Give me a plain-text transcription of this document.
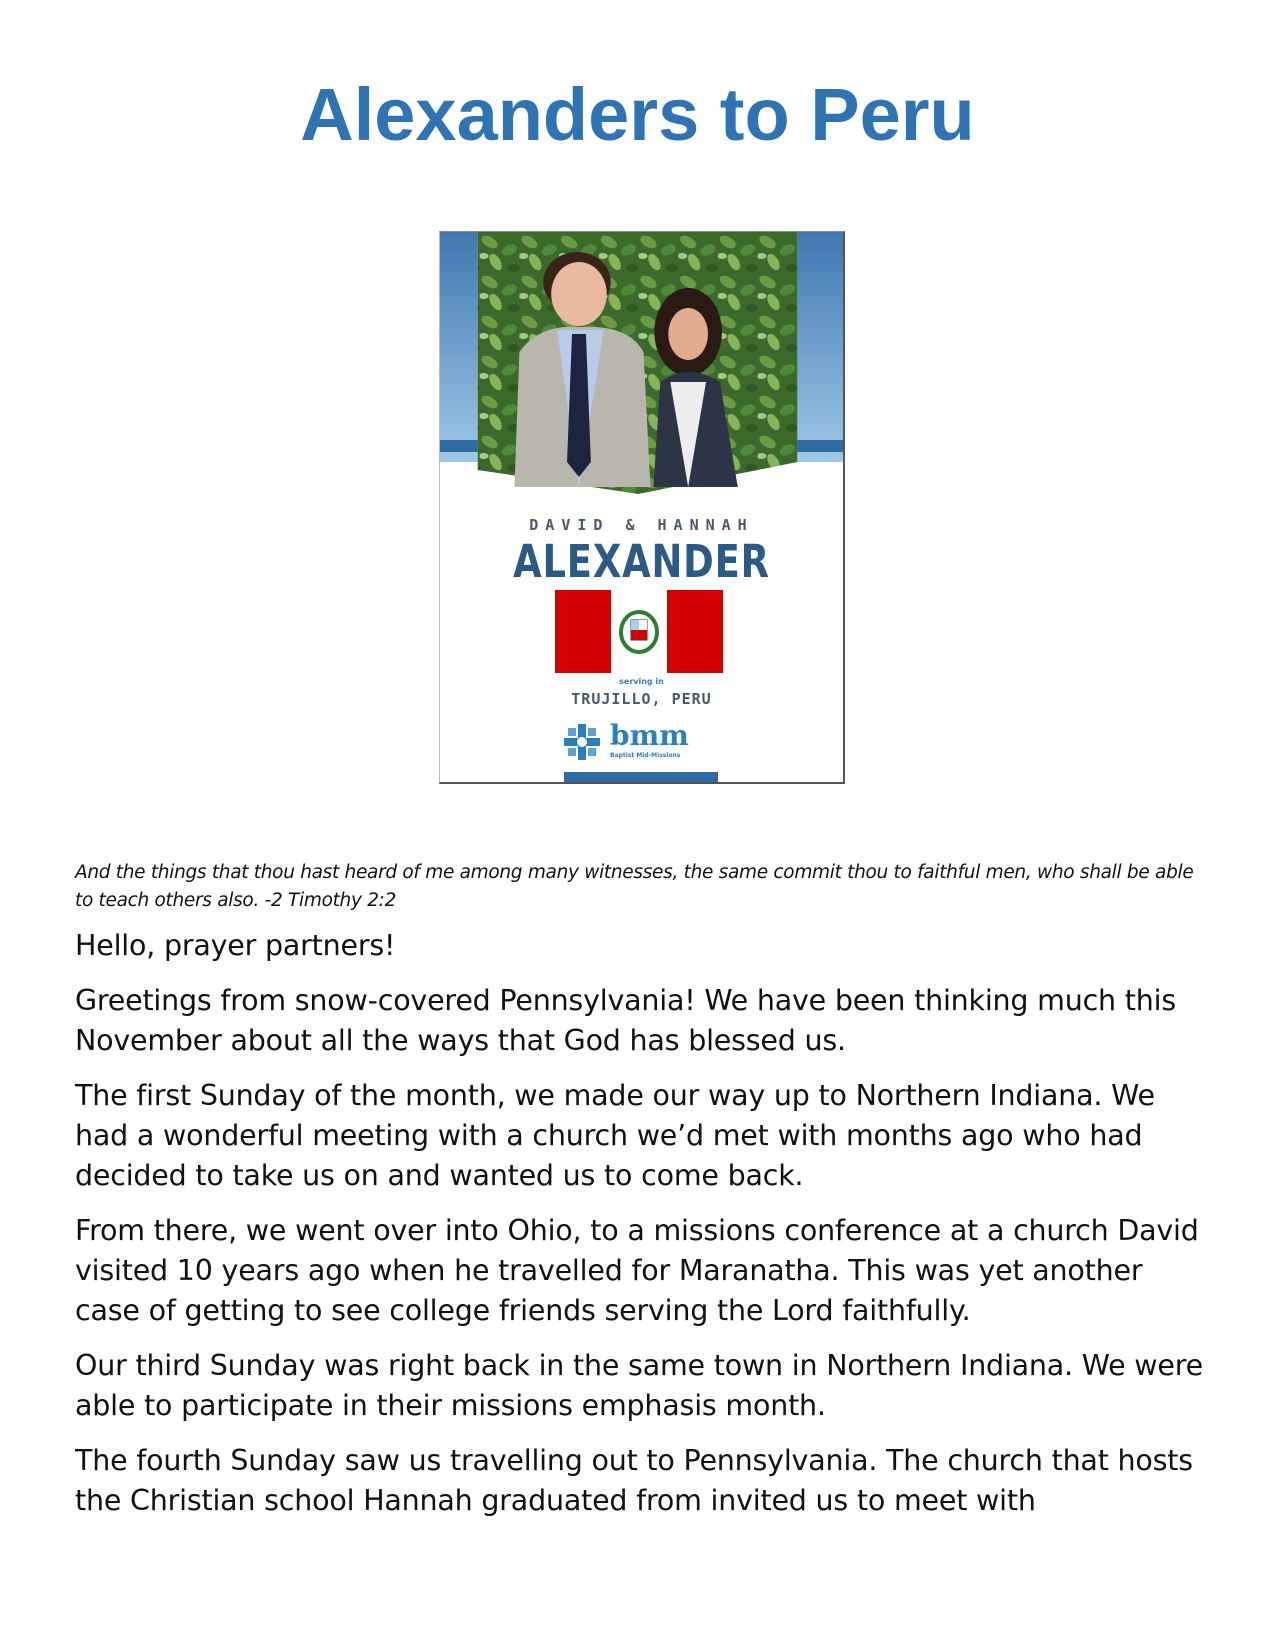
Alexanders to Peru
DAVID & HANNAH
ALEXANDER
serving in
TRUJILLO, PERU
bmm
Baptist Mid-Missions

And the things that thou hast heard of me among many witnesses, the same commit thou to faithful men, who shall be able to teach others also. -2 Timothy 2:2

Hello, prayer partners!

Greetings from snow-covered Pennsylvania! We have been thinking much this November about all the ways that God has blessed us.

The first Sunday of the month, we made our way up to Northern Indiana. We had a wonderful meeting with a church we’d met with months ago who had decided to take us on and wanted us to come back.

From there, we went over into Ohio, to a missions conference at a church David visited 10 years ago when he travelled for Maranatha. This was yet another case of getting to see college friends serving the Lord faithfully.

Our third Sunday was right back in the same town in Northern Indiana. We were able to participate in their missions emphasis month.

The fourth Sunday saw us travelling out to Pennsylvania. The church that hosts the Christian school Hannah graduated from invited us to meet with
